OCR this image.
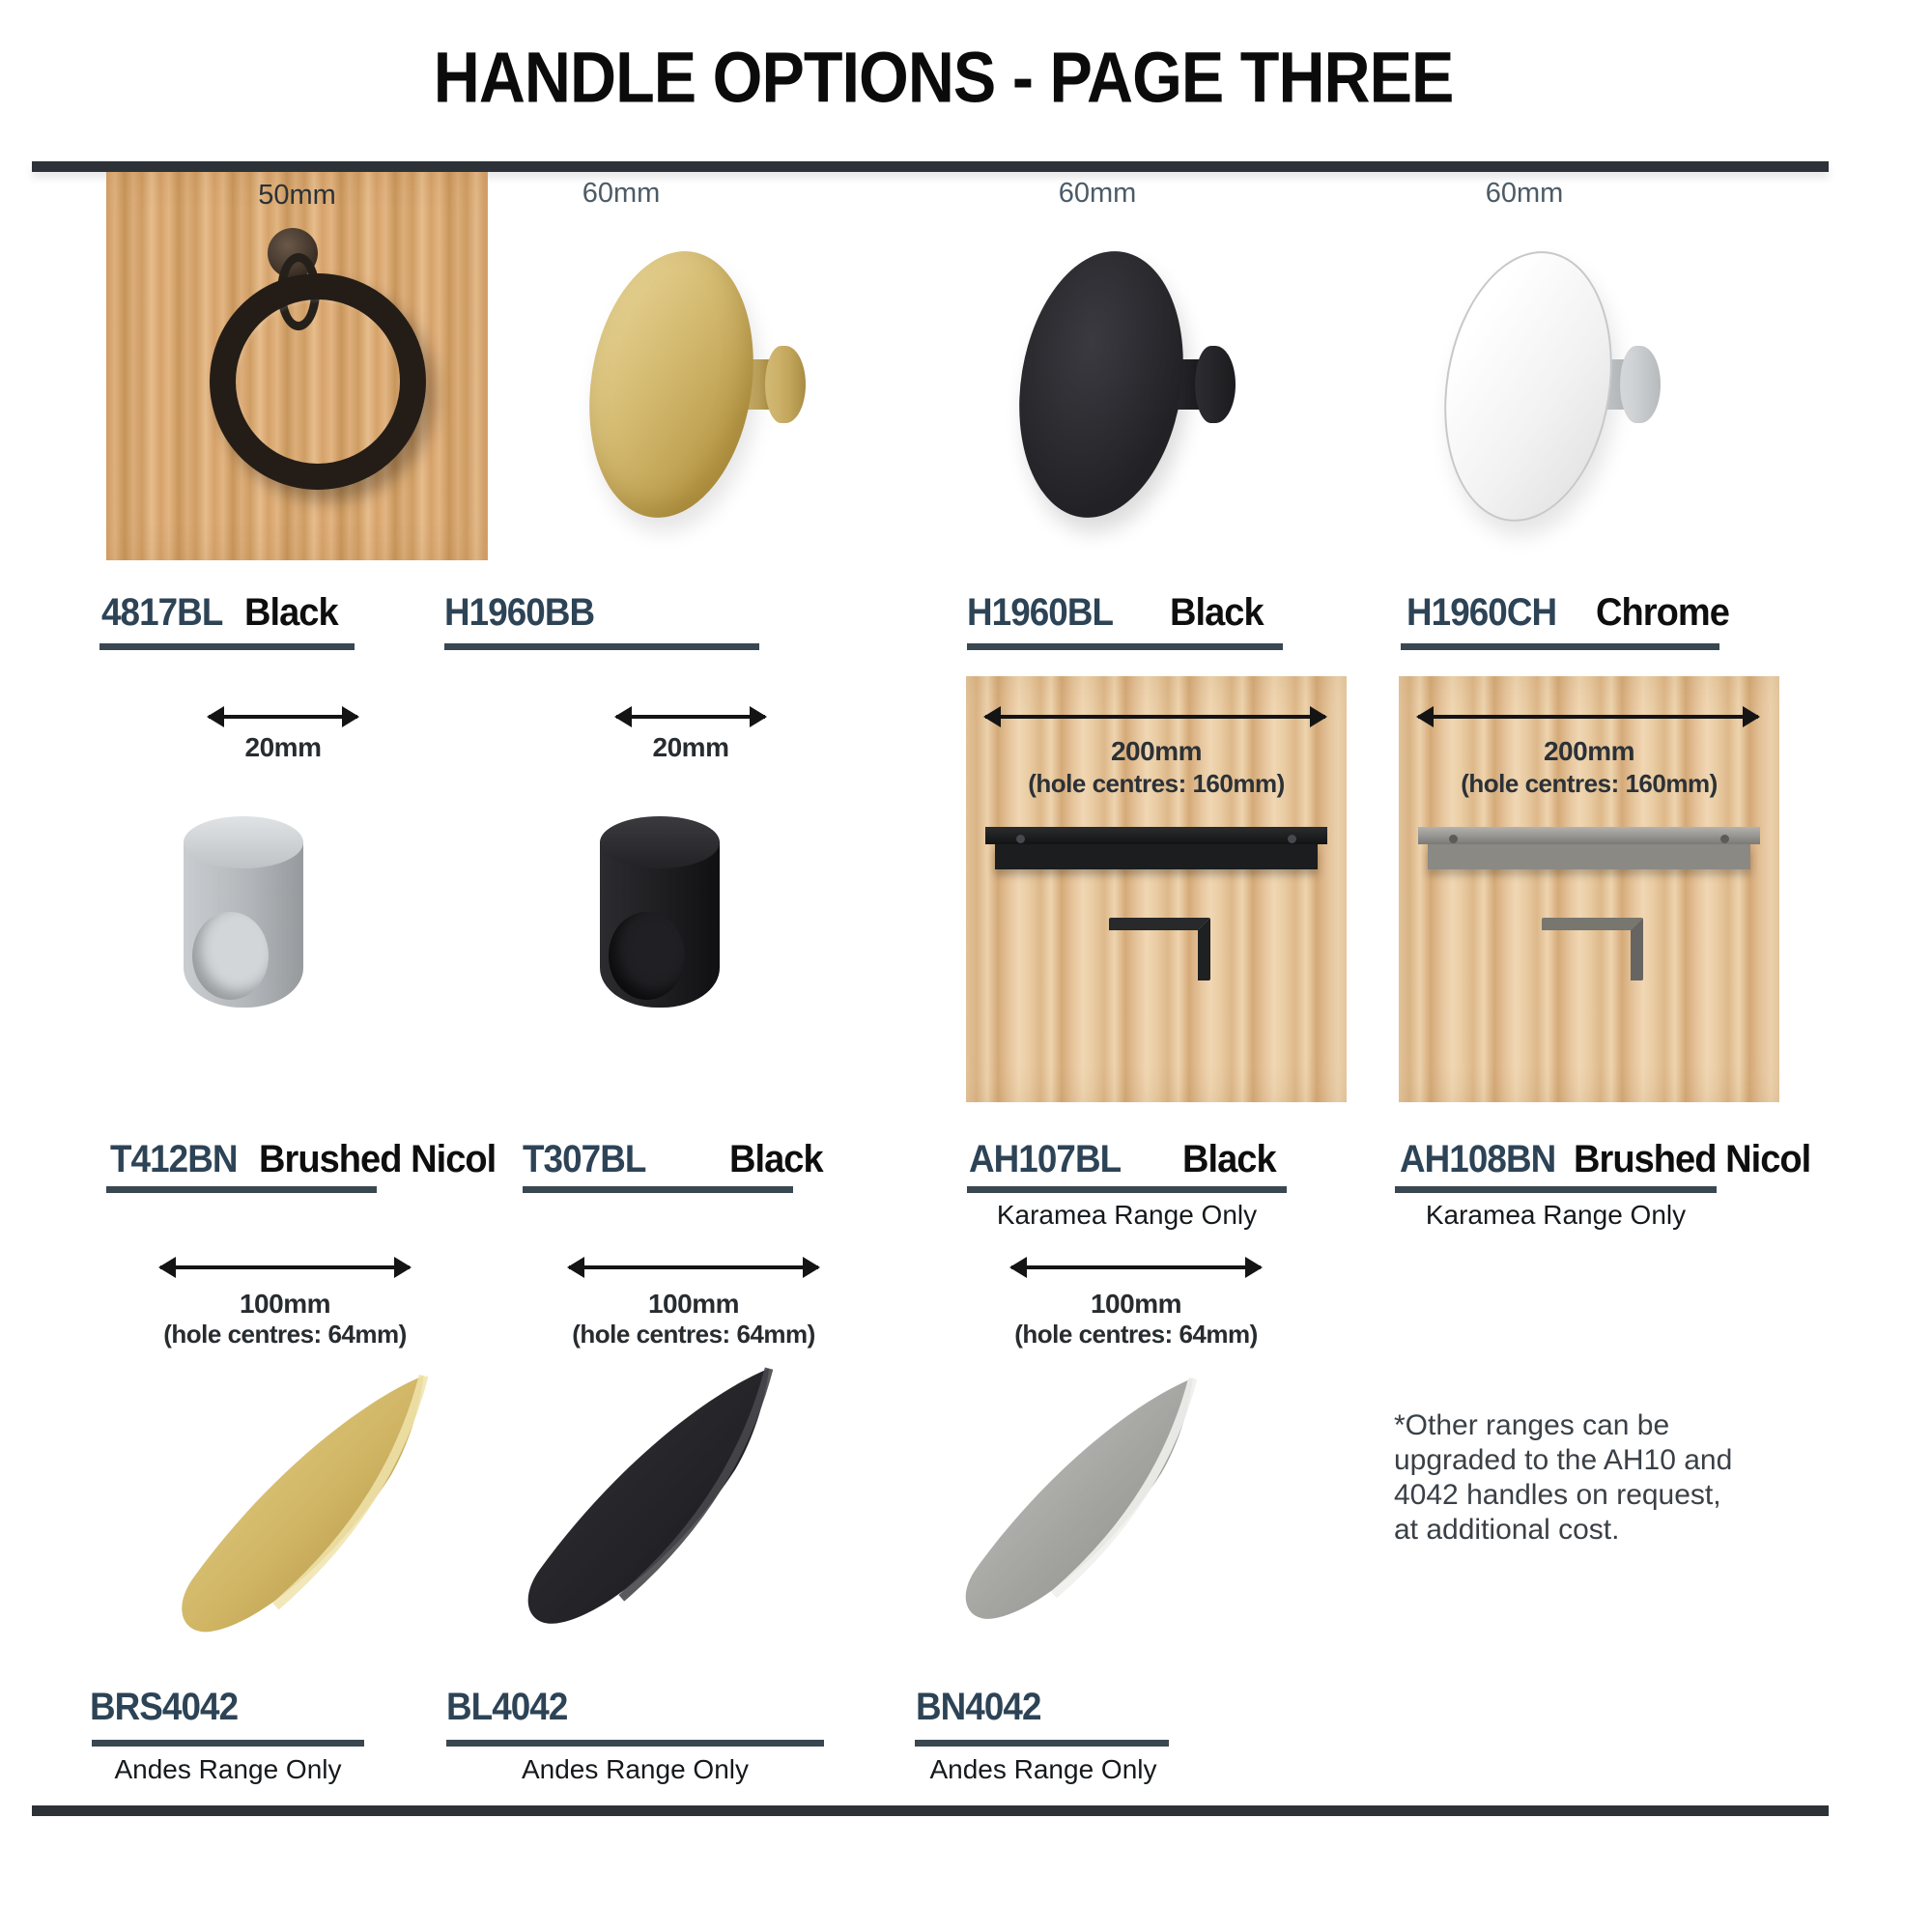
HANDLE OPTIONS - PAGE THREE
50mm	60mm	60mm	60mm
4817BL Black	H1960BB	H1960BL Black	H1960CH Chrome
20mm	20mm	200mm
(hole centres: 160mm)
200mm
(hole centres: 160mm)
T412BN Brushed Nicol T307BL Black	AH107BL Black
Karamea Range Only
AH108BN Brushed Nicol
Karamea Range Only
100mm
(hole centres: 64mm)
100mm
(hole centres: 64mm)
100mm
(hole centres: 64mm)
BRS4042
Andes Range Only
BL4042
Andes Range Only
BN4042
Andes Range Only
*Other ranges can be upgraded to the AH10 and 4042 handles on request, at additional cost.
